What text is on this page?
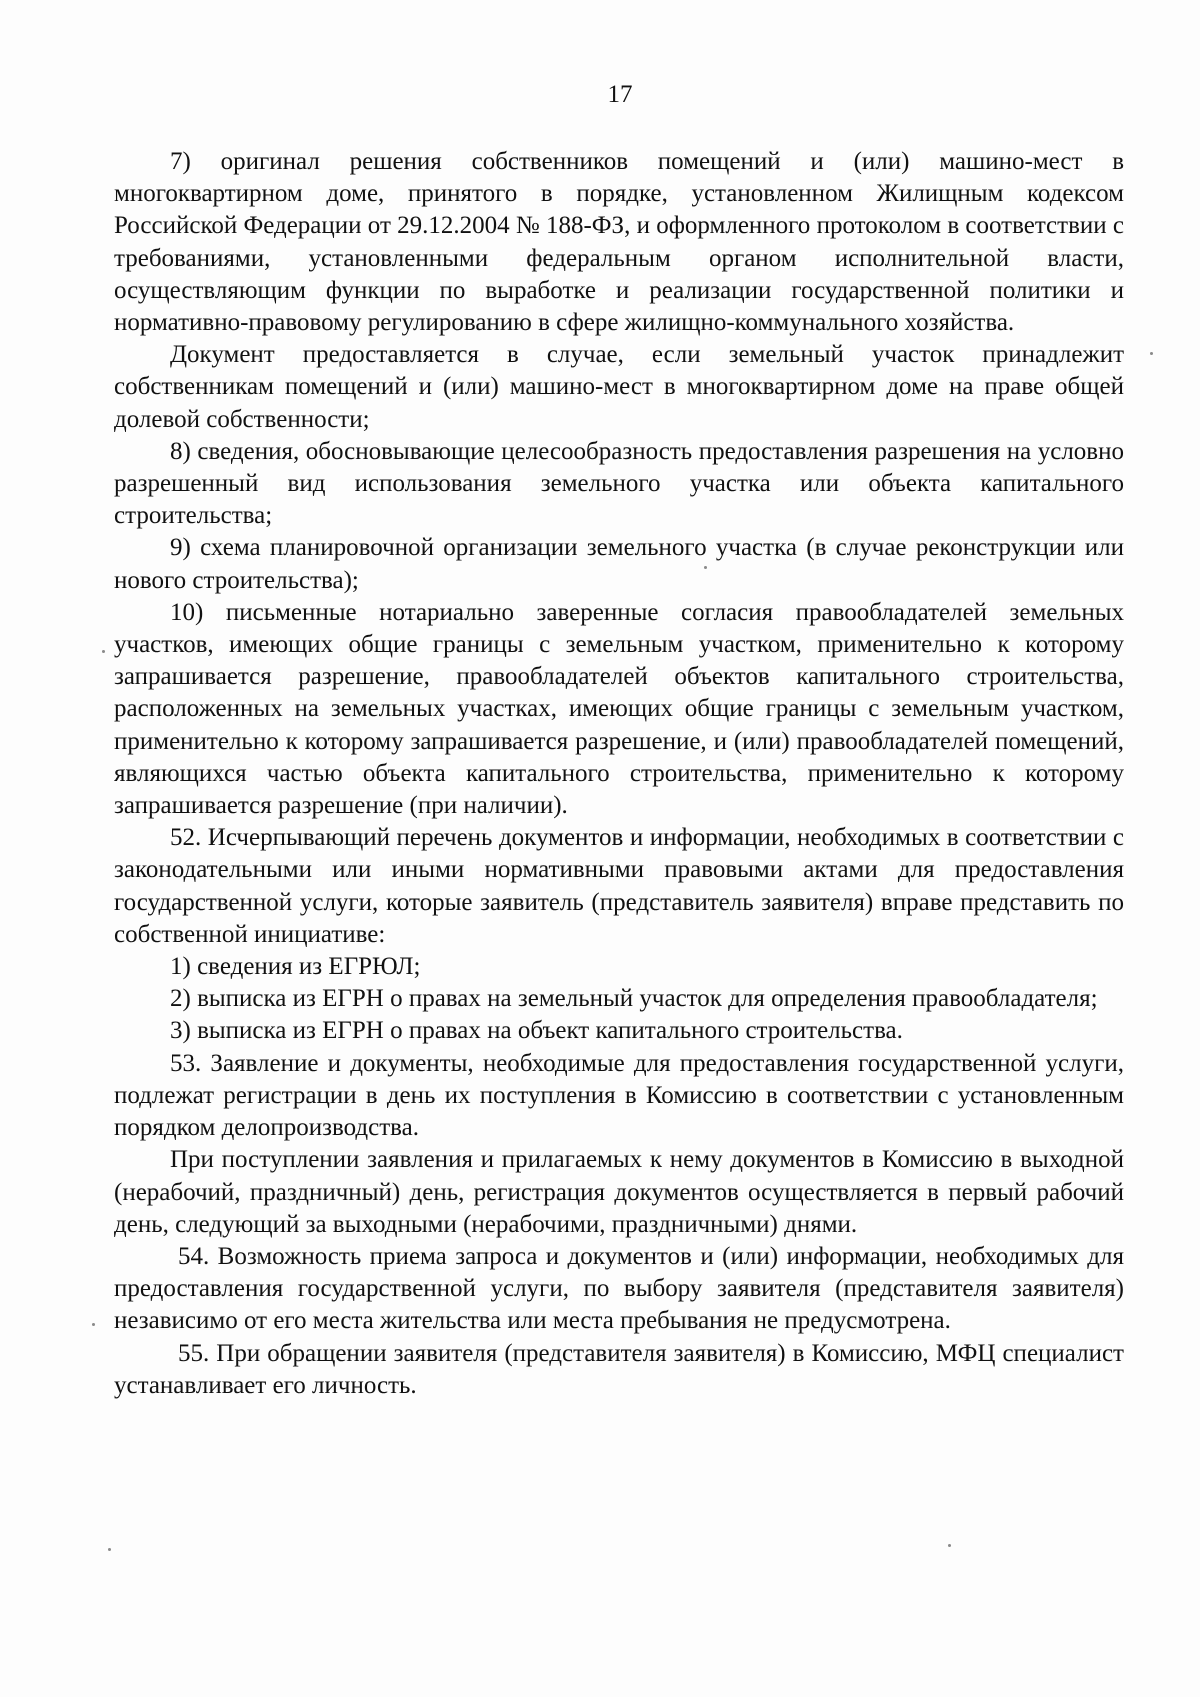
17

7) оригинал решения собственников помещений и (или) машино-мест в многоквартирном доме, принятого в порядке, установленном Жилищным кодексом Российской Федерации от 29.12.2004 № 188-ФЗ, и оформленного протоколом в соответствии с требованиями, установленными федеральным органом исполнительной власти, осуществляющим функции по выработке и реализации государственной политики и нормативно-правовому регулированию в сфере жилищно-коммунального хозяйства.

Документ предоставляется в случае, если земельный участок принадлежит собственникам помещений и (или) машино-мест в многоквартирном доме на праве общей долевой собственности;

8) сведения, обосновывающие целесообразность предоставления разрешения на условно разрешенный вид использования земельного участка или объекта капитального строительства;

9) схема планировочной организации земельного участка (в случае реконструкции или нового строительства);

10) письменные нотариально заверенные согласия правообладателей земельных участков, имеющих общие границы с земельным участком, применительно к которому запрашивается разрешение, правообладателей объектов капитального строительства, расположенных на земельных участках, имеющих общие границы с земельным участком, применительно к которому запрашивается разрешение, и (или) правообладателей помещений, являющихся частью объекта капитального строительства, применительно к которому запрашивается разрешение (при наличии).

52. Исчерпывающий перечень документов и информации, необходимых в соответствии с законодательными или иными нормативными правовыми актами для предоставления государственной услуги, которые заявитель (представитель заявителя) вправе представить по собственной инициативе:

1) сведения из ЕГРЮЛ;

2) выписка из ЕГРН о правах на земельный участок для определения правообладателя;

3) выписка из ЕГРН о правах на объект капитального строительства.

53. Заявление и документы, необходимые для предоставления государственной услуги, подлежат регистрации в день их поступления в Комиссию в соответствии с установленным порядком делопроизводства.

При поступлении заявления и прилагаемых к нему документов в Комиссию в выходной (нерабочий, праздничный) день, регистрация документов осуществляется в первый рабочий день, следующий за выходными (нерабочими, праздничными) днями.

54. Возможность приема запроса и документов и (или) информации, необходимых для предоставления государственной услуги, по выбору заявителя (представителя заявителя) независимо от его места жительства или места пребывания не предусмотрена.

55. При обращении заявителя (представителя заявителя) в Комиссию, МФЦ специалист устанавливает его личность.
